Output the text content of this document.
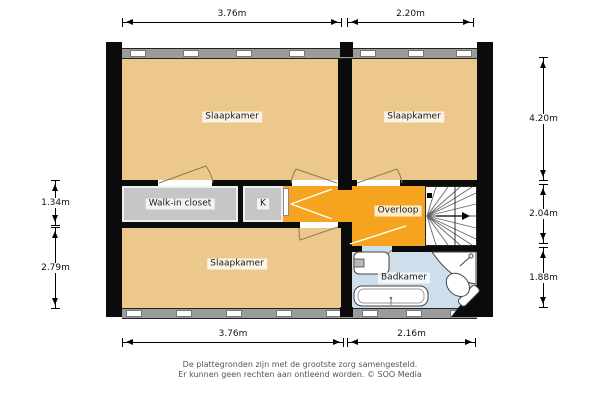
Slaapkamer	Slaapkamer
Walk-in closet	K
Overloop
Slaapkamer
Badkamer
3.76m	2.20m
3.76m	2.16m
1.34m
2.79m
4.20m
2.04m
1.88m
De plattegronden zijn met de grootste zorg samengesteld.
Er kunnen geen rechten aan ontleend worden. © SOO Media
